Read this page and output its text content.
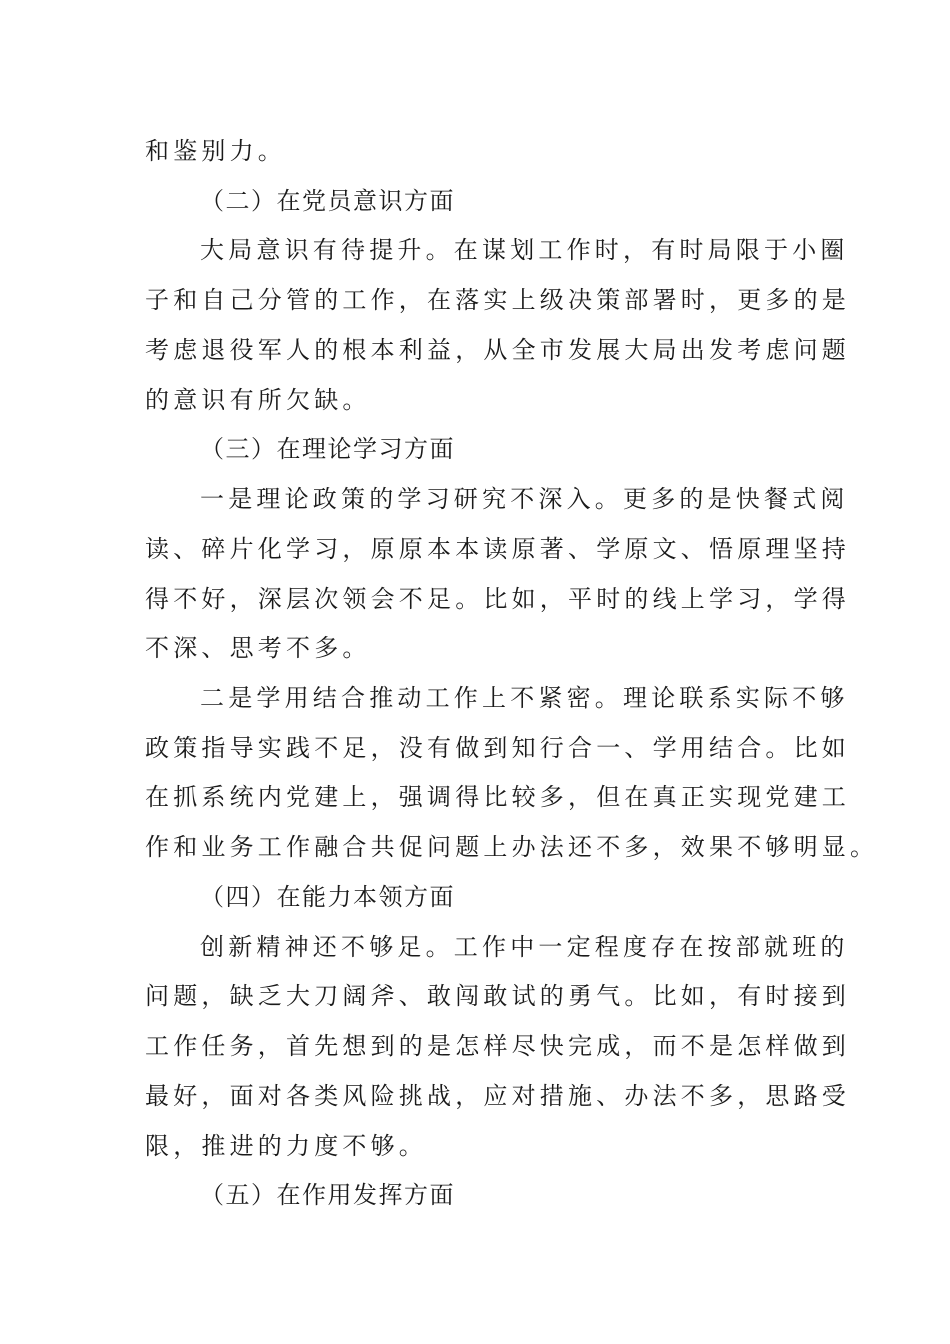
和鉴别力。
（二）在党员意识方面
大局意识有待提升。在谋划工作时，有时局限于小圈
子和自己分管的工作，在落实上级决策部署时，更多的是
考虑退役军人的根本利益，从全市发展大局出发考虑问题
的意识有所欠缺。
（三）在理论学习方面
一是理论政策的学习研究不深入。更多的是快餐式阅
读、碎片化学习，原原本本读原著、学原文、悟原理坚持
得不好，深层次领会不足。比如，平时的线上学习，学得
不深、思考不多。
二是学用结合推动工作上不紧密。理论联系实际不够
政策指导实践不足，没有做到知行合一、学用结合。比如
在抓系统内党建上，强调得比较多，但在真正实现党建工
作和业务工作融合共促问题上办法还不多，效果不够明显。
（四）在能力本领方面
创新精神还不够足。工作中一定程度存在按部就班的
问题，缺乏大刀阔斧、敢闯敢试的勇气。比如，有时接到
工作任务，首先想到的是怎样尽快完成，而不是怎样做到
最好，面对各类风险挑战，应对措施、办法不多，思路受
限，推进的力度不够。
（五）在作用发挥方面
